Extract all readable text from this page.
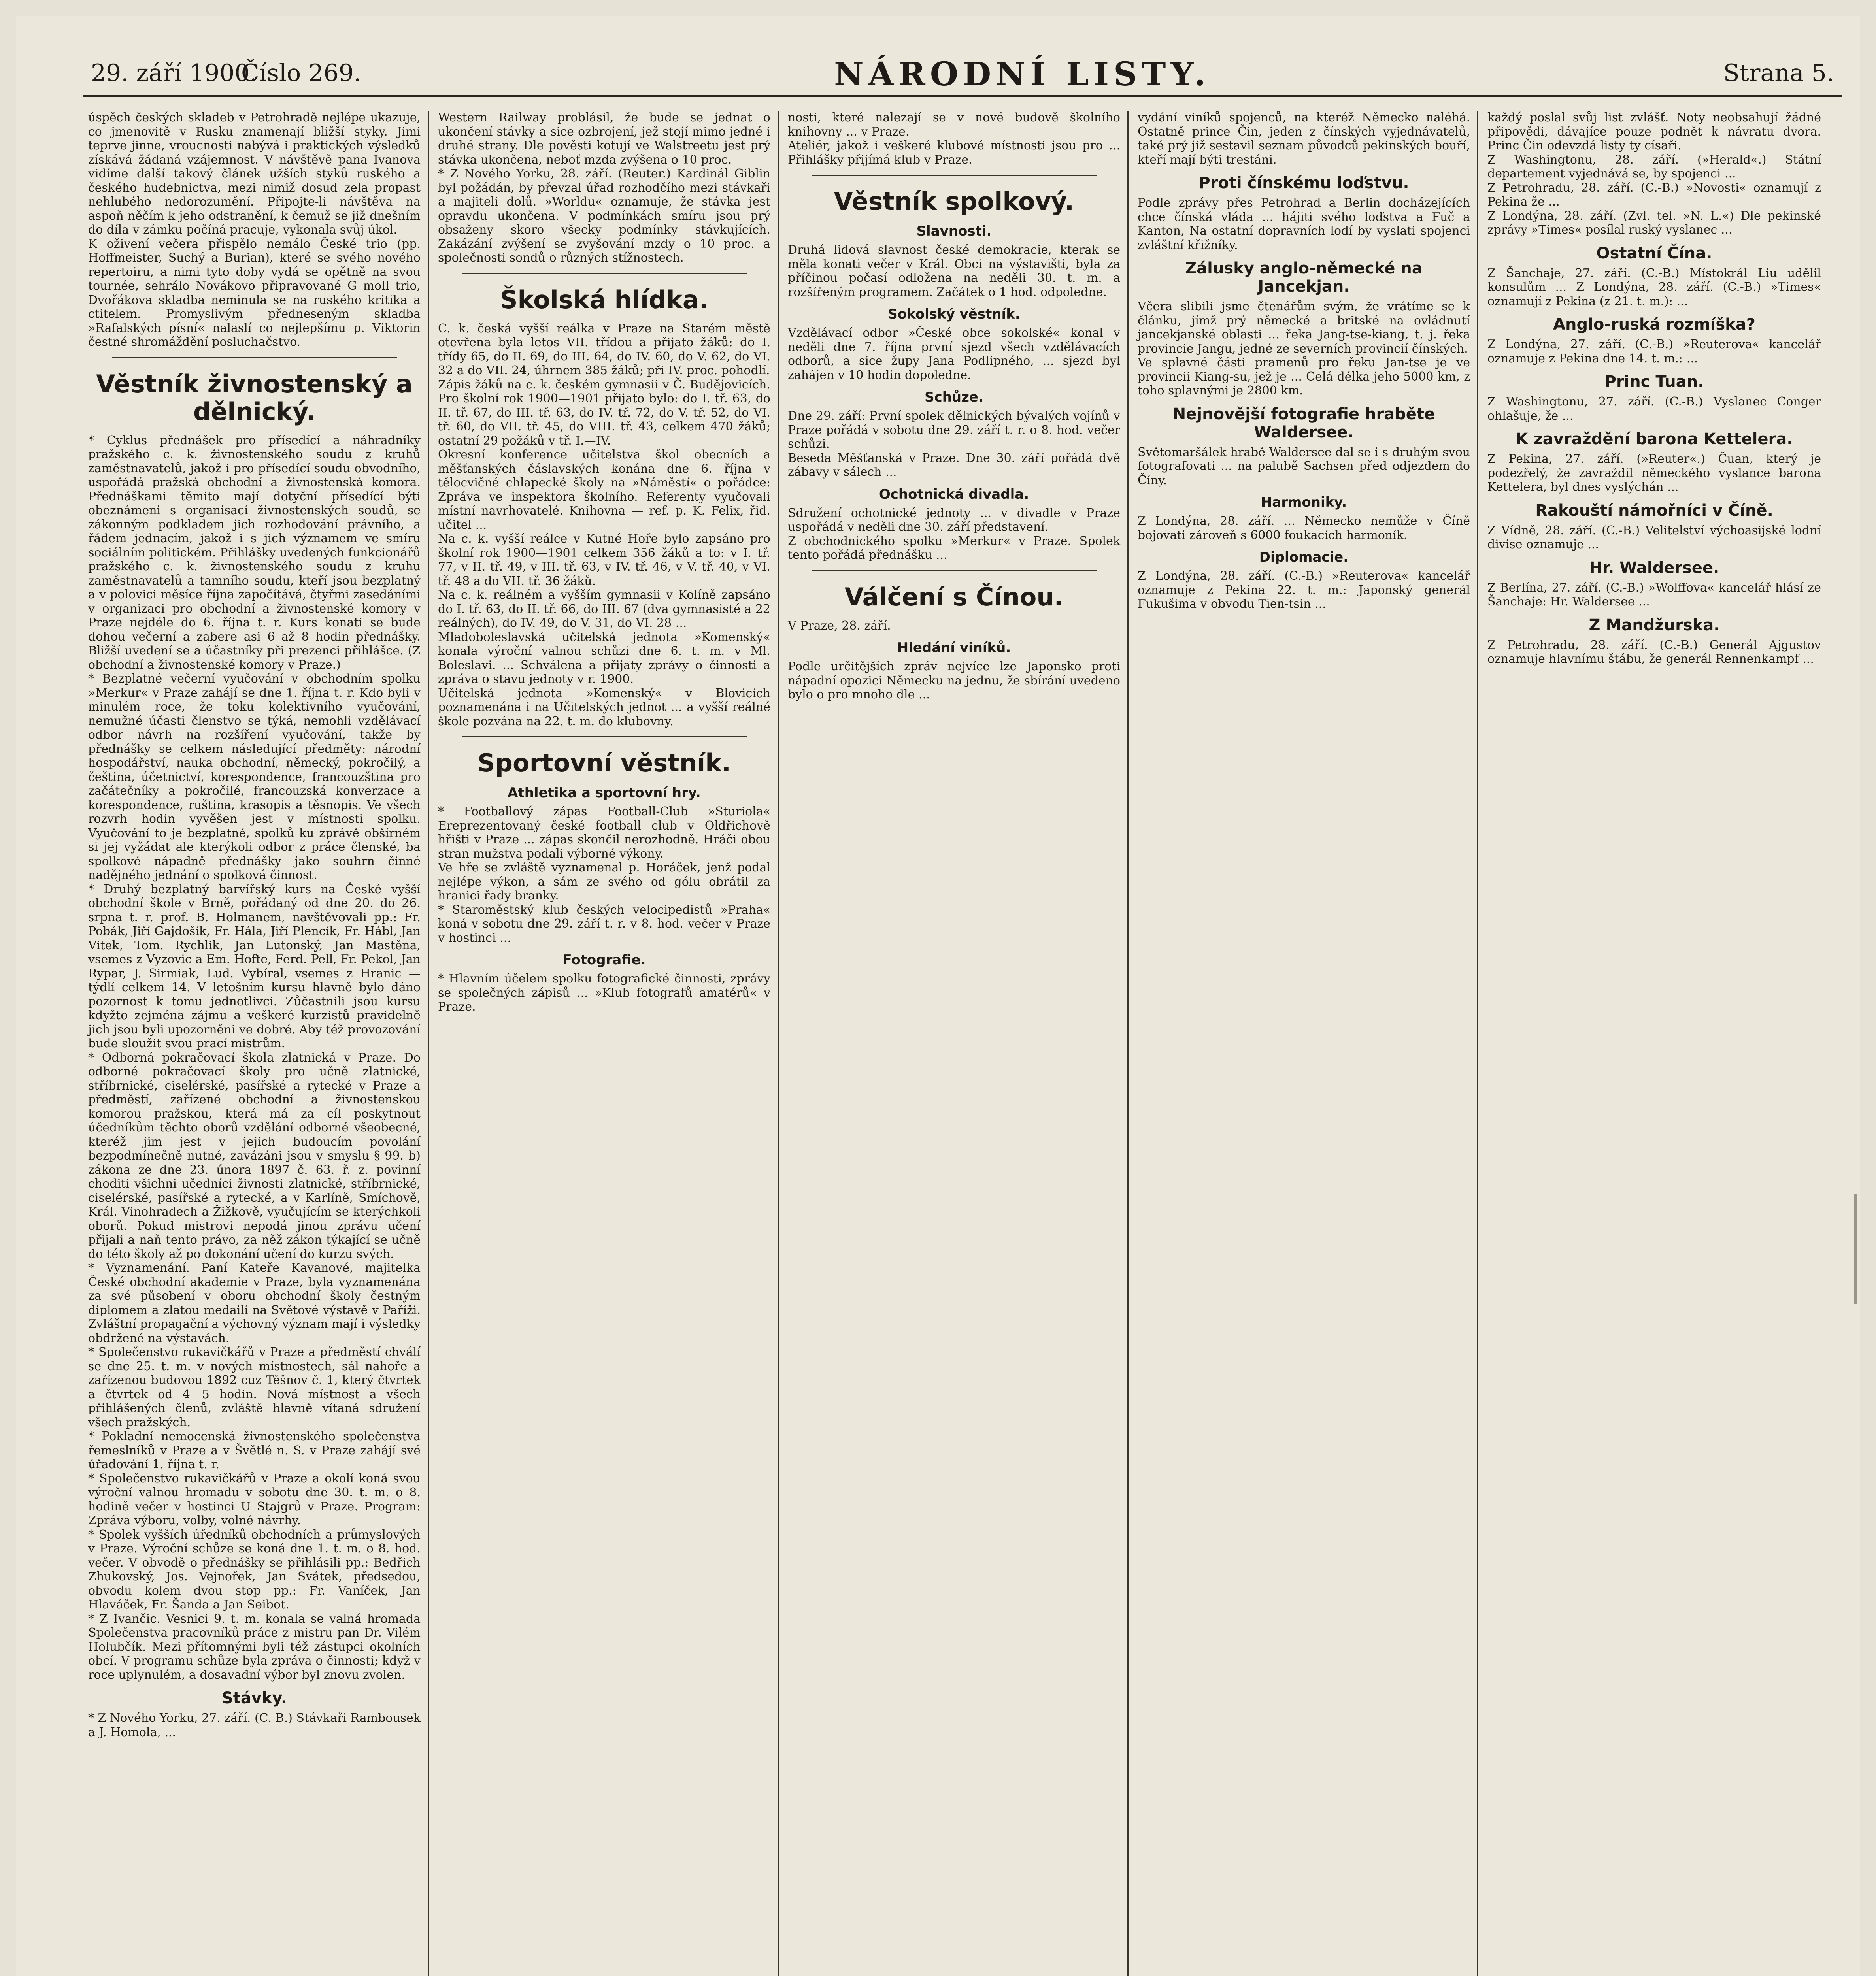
29. září 1900.
Číslo 269.	NÁRODNÍ LISTY.	Strana 5.

úspěch českých skladeb v Petrohradě nejlépe ukazuje, co jmenovitě v Rusku znamenají bližší styky. Jimi teprve jinne, vroucnosti nabývá i praktických výsledků získává žádaná vzájemnost. V návštěvě pana Ivanova vidíme další takový článek užších styků ruského a českého hudebnictva, mezi nimiž dosud zela propast nehlubého nedorozumění. Připojte-li návštěva na aspoň něčím k jeho odstranění, k čemuž se již dnešním do díla v zámku počíná pracuje, vykonala svůj úkol.

K oživení večera přispělo nemálo České trio (pp. Hoffmeister, Suchý a Burian), které se svého nového repertoiru, a nimi tyto doby vydá se opětně na svou tournée, sehrálo Novákovo připravované G moll trio, Dvořákova skladba neminula se na ruského kritika a ctitelem. Promyslivým předneseným skladba »Rafalských písní« nalaslí co nejlepšímu p. Viktorin čestné shromáždění posluchačstvo.

Věstník živnostenský a dělnický.

* Cyklus přednášek pro přísedící a náhradníky pražského c. k. živnostenského soudu z kruhů zaměstnavatelů, jakož i pro přísedící soudu obvodního, uspořádá pražská obchodní a živnostenská komora. Přednáškami těmito mají dotyční přísedící býti obeznámeni s organisací živnostenských soudů, se zákonným podkladem jich rozhodování právního, a řádem jednacím, jakož i s jich významem ve smíru sociálním politickém. Přihlášky uvedených funkcionářů pražského c. k. živnostenského soudu z kruhu zaměstnavatelů a tamního soudu, kteří jsou bezplatný a v polovici měsíce října započítává, čtyřmi zasedáními v organizaci pro obchodní a živnostenské komory v Praze nejdéle do 6. října t. r. Kurs konati se bude dohou večerní a zabere asi 6 až 8 hodin přednášky. Bližší uvedení se a účastníky při prezenci přihlášce. (Z obchodní a živnostenské komory v Praze.)

* Bezplatné večerní vyučování v obchodním spolku »Merkur« v Praze zahájí se dne 1. října t. r. Kdo byli v minulém roce, že toku kolektivního vyučování, nemužné účasti členstvo se týká, nemohli vzdělávací odbor návrh na rozšíření vyučování, takže by přednášky se celkem následující předměty: národní hospodářství, nauka obchodní, německý, pokročilý, a čeština, účetnictví, korespondence, francouzština pro začátečníky a pokročilé, francouzská konverzace a korespondence, ruština, krasopis a těsnopis. Ve všech rozvrh hodin vyvěšen jest v místnosti spolku. Vyučování to je bezplatné, spolků ku zprávě obšírném si jej vyžádat ale kterýkoli odbor z práce členské, ba spolkové nápadně přednášky jako souhrn činné nadějného jednání o spolková činnost.

* Druhý bezplatný barvířský kurs na České vyšší obchodní škole v Brně, pořádaný od dne 20. do 26. srpna t. r. prof. B. Holmanem, navštěvovali pp.: Fr. Pobák, Jiří Gajdošík, Fr. Hála, Jiří Plencík, Fr. Hábl, Jan Vitek, Tom. Rychlik, Jan Lutonský, Jan Mastěna, vsemes z Vyzovic a Em. Hofte, Ferd. Pell, Fr. Pekol, Jan Rypar, J. Sirmiak, Lud. Vybíral, vsemes z Hranic — týdlí celkem 14. V letošním kursu hlavně bylo dáno pozornost k tomu jednotlivci. Zůčastnili jsou kursu kdyžto zejména zájmu a veškeré kurzistů pravidelně jich jsou byli upozorněni ve dobré. Aby též provozování bude sloužit svou prací mistrům.

* Odborná pokračovací škola zlatnická v Praze. Do odborné pokračovací školy pro učně zlatnické, stříbrnické, ciselérské, pasířské a rytecké v Praze a předměstí, zařízené obchodní a živnostenskou komorou pražskou, která má za cíl poskytnout účedníkům těchto oborů vzdělání odborné všeobecné, kteréž jim jest v jejich budoucím povolání bezpodmínečně nutné, zavázáni jsou v smyslu § 99. b) zákona ze dne 23. února 1897 č. 63. ř. z. povinní choditi všichni učedníci živnosti zlatnické, stříbrnické, ciselérské, pasířské a rytecké, a v Karlíně, Smíchově, Král. Vinohradech a Žižkově, vyučujícím se kterýchkoli oborů. Pokud mistrovi nepodá jinou zprávu učení přijali a naň tento právo, za něž zákon týkající se učně do této školy až po dokonání učení do kurzu svých.

* Vyznamenání. Paní Kateře Kavanové, majitelka České obchodní akademie v Praze, byla vyznamenána za své působení v oboru obchodní školy čestným diplomem a zlatou medailí na Světové výstavě v Paříži. Zvláštní propagační a výchovný význam mají i výsledky obdržené na výstavách.

* Společenstvo rukavičkářů v Praze a předměstí chválí se dne 25. t. m. v nových místnostech, sál nahoře a zařízenou budovou 1892 cuz Těšnov č. 1, který čtvrtek a čtvrtek od 4—5 hodin. Nová místnost a všech přihlášených členů, zvláště hlavně vítaná sdružení všech pražských.

* Pokladní nemocenská živnostenského společenstva řemeslníků v Praze a v Švětlé n. S. v Praze zahájí své úřadování 1. října t. r.

* Společenstvo rukavičkářů v Praze a okolí koná svou výroční valnou hromadu v sobotu dne 30. t. m. o 8. hodině večer v hostinci U Stajgrů v Praze. Program: Zpráva výboru, volby, volné návrhy.

* Spolek vyšších úředníků obchodních a průmyslových v Praze. Výroční schůze se koná dne 1. t. m. o 8. hod. večer. V obvodě o přednášky se přihlásili pp.: Bedřich Zhukovský, Jos. Vejnořek, Jan Svátek, předsedou, obvodu kolem dvou stop pp.: Fr. Vaníček, Jan Hlaváček, Fr. Šanda a Jan Seibot.

* Z Ivančic. Vesnici 9. t. m. konala se valná hromada Společenstva pracovníků práce z mistru pan Dr. Vilém Holubčík. Mezi přítomnými byli též zástupci okolních obcí. V programu schůze byla zpráva o činnosti; když v roce uplynulém, a dosavadní výbor byl znovu zvolen.

Stávky.

* Z Nového Yorku, 27. září. (C. B.) Stávkaři Rambousek a J. Homola, ...

Western Railway problásil, že bude se jednat o ukončení stávky a sice ozbrojení, jež stojí mimo jedné i druhé strany. Dle pověsti kotují ve Walstreetu jest prý stávka ukončena, neboť mzda zvýšena o 10 proc.

* Z Nového Yorku, 28. září. (Reuter.) Kardinál Giblin byl požádán, by převzal úřad rozhodčího mezi stávkaři a majiteli dolů. »Worldu« oznamuje, že stávka jest opravdu ukončena. V podmínkách smíru jsou prý obsaženy skoro všecky podmínky stávkujících. Zakázání zvýšení se zvyšování mzdy o 10 proc. a společnosti sondů o různých stížnostech.

Školská hlídka.

C. k. česká vyšší reálka v Praze na Starém městě otevřena byla letos VII. třídou a přijato žáků: do I. třídy 65, do II. 69, do III. 64, do IV. 60, do V. 62, do VI. 32 a do VII. 24, úhrnem 385 žáků; při IV. proc. pohodlí.

Zápis žáků na c. k. českém gymnasii v Č. Budějovicích. Pro školní rok 1900—1901 přijato bylo: do I. tř. 63, do II. tř. 67, do III. tř. 63, do IV. tř. 72, do V. tř. 52, do VI. tř. 60, do VII. tř. 45, do VIII. tř. 43, celkem 470 žáků; ostatní 29 požáků v tř. I.—IV.

Okresní konference učitelstva škol obecních a měšťanských čáslavských konána dne 6. října v tělocvičné chlapecké školy na »Náměstí« o pořádce: Zpráva ve inspektora školního. Referenty vyučovali místní navrhovatelé. Knihovna — ref. p. K. Felix, řid. učitel ...

Na c. k. vyšší reálce v Kutné Hoře bylo zapsáno pro školní rok 1900—1901 celkem 356 žáků a to: v I. tř. 77, v II. tř. 49, v III. tř. 63, v IV. tř. 46, v V. tř. 40, v VI. tř. 48 a do VII. tř. 36 žáků.

Na c. k. reálném a vyšším gymnasii v Kolíně zapsáno do I. tř. 63, do II. tř. 66, do III. 67 (dva gymnasisté a 22 reálných), do IV. 49, do V. 31, do VI. 28 ...

Mladoboleslavská učitelská jednota »Komenský« konala výroční valnou schůzi dne 6. t. m. v Ml. Boleslavi. ... Schválena a přijaty zprávy o činnosti a zpráva o stavu jednoty v r. 1900.

Učitelská jednota »Komenský« v Blovicích poznamenána i na Učitelských jednot ... a vyšší reálné škole pozvána na 22. t. m. do klubovny.

Sportovní věstník.
Athletika a sportovní hry.

* Footballový zápas Football-Club »Sturiola« Ereprezentovaný české football club v Oldřichově hřišti v Praze ... zápas skončil nerozhodně. Hráči obou stran mužstva podali výborné výkony.

Ve hře se zvláště vyznamenal p. Horáček, jenž podal nejlépe výkon, a sám ze svého od gólu obrátil za hranici řady branky.

* Staroměstský klub českých velocipedistů »Praha« koná v sobotu dne 29. září t. r. v 8. hod. večer v Praze v hostinci ...

Fotografie.

* Hlavním účelem spolku fotografické činnosti, zprávy se společných zápisů ... »Klub fotografů amatérů« v Praze.

nosti, které nalezají se v nové budově školního knihovny ... v Praze.

Ateliér, jakož i veškeré klubové místnosti jsou pro ... Přihlášky přijímá klub v Praze.

Věstník spolkový.
Slavnosti.

Druhá lidová slavnost české demokracie, kterak se měla konati večer v Král. Obci na výstavišti, byla za příčinou počasí odložena na neděli 30. t. m. a rozšířeným programem. Začátek o 1 hod. odpoledne.

Sokolský věstník.

Vzdělávací odbor »České obce sokolské« konal v neděli dne 7. října první sjezd všech vzdělávacích odborů, a sice župy Jana Podlipného, ... sjezd byl zahájen v 10 hodin dopoledne.

Schůze.

Dne 29. září: První spolek dělnických bývalých vojínů v Praze pořádá v sobotu dne 29. září t. r. o 8. hod. večer schůzi.

Beseda Měšťanská v Praze. Dne 30. září pořádá dvě zábavy v sálech ...

Ochotnická divadla.

Sdružení ochotnické jednoty ... v divadle v Praze uspořádá v neděli dne 30. září představení.

Z obchodnického spolku »Merkur« v Praze. Spolek tento pořádá přednášku ...

Válčení s Čínou.

V Praze, 28. září.

Hledání viníků.

Podle určitějších zpráv nejvíce lze Japonsko proti nápadní opozici Německu na jednu, že sbírání uvedeno bylo o pro mnoho dle ...

vydání viníků spojenců, na kteréž Německo naléhá. Ostatně prince Čin, jeden z čínských vyjednávatelů, také prý již sestavil seznam původců pekinských bouří, kteří mají býti trestáni.

Proti čínskému loďstvu.

Podle zprávy přes Petrohrad a Berlin docházejících chce čínská vláda ... hájiti svého loďstva a Fuč a Kanton, Na ostatní dopravních lodí by vyslati spojenci zvláštní křižníky.

Zálusky anglo-německé na Jancekjan.

Včera slibili jsme čtenářům svým, že vrátíme se k článku, jímž prý německé a britské na ovládnutí jancekjanské oblasti ... řeka Jang-tse-kiang, t. j. řeka provincie Jangu, jedné ze severních provincií čínských.

Ve splavné části pramenů pro řeku Jan-tse je ve provincii Kiang-su, jež je ... Celá délka jeho 5000 km, z toho splavnými je 2800 km.

Nejnovější fotografie hraběte Waldersee.

Světomaršálek hrabě Waldersee dal se i s druhým svou fotografovati ... na palubě Sachsen před odjezdem do Číny.

Harmoniky.

Z Londýna, 28. září. ... Německo nemůže v Číně bojovati zároveň s 6000 foukacích harmoník.

Diplomacie.

Z Londýna, 28. září. (C.-B.) »Reuterova« kancelář oznamuje z Pekina 22. t. m.: Japonský generál Fukušima v obvodu Tien-tsin ...

každý poslal svůj list zvlášť. Noty neobsahují žádné připovědi, dávajíce pouze podnět k návratu dvora. Princ Čin odevzdá listy ty císaři.

Z Washingtonu, 28. září. (»Herald«.) Státní departement vyjednává se, by spojenci ...

Z Petrohradu, 28. září. (C.-B.) »Novosti« oznamují z Pekina že ...

Z Londýna, 28. září. (Zvl. tel. »N. L.«) Dle pekinské zprávy »Times« posílal ruský vyslanec ...

Ostatní Čína.

Z Šanchaje, 27. září. (C.-B.) Místokrál Liu udělil konsulům ... Z Londýna, 28. září. (C.-B.) »Times« oznamují z Pekina (z 21. t. m.): ...

Anglo-ruská rozmíška?

Z Londýna, 27. září. (C.-B.) »Reuterova« kancelář oznamuje z Pekina dne 14. t. m.: ...

Princ Tuan.

Z Washingtonu, 27. září. (C.-B.) Vyslanec Conger ohlašuje, že ...

K zavraždění barona Kettelera.

Z Pekina, 27. září. (»Reuter«.) Čuan, který je podezřelý, že zavraždil německého vyslance barona Kettelera, byl dnes vyslýchán ...

Rakouští námořníci v Číně.

Z Vídně, 28. září. (C.-B.) Velitelství výchoasijské lodní divise oznamuje ...

Hr. Waldersee.

Z Berlína, 27. září. (C.-B.) »Wolffova« kancelář hlásí ze Šanchaje: Hr. Waldersee ...

Z Mandžurska.

Z Petrohradu, 28. září. (C.-B.) Generál Ajgustov oznamuje hlavnímu štábu, že generál Rennenkampf ...
